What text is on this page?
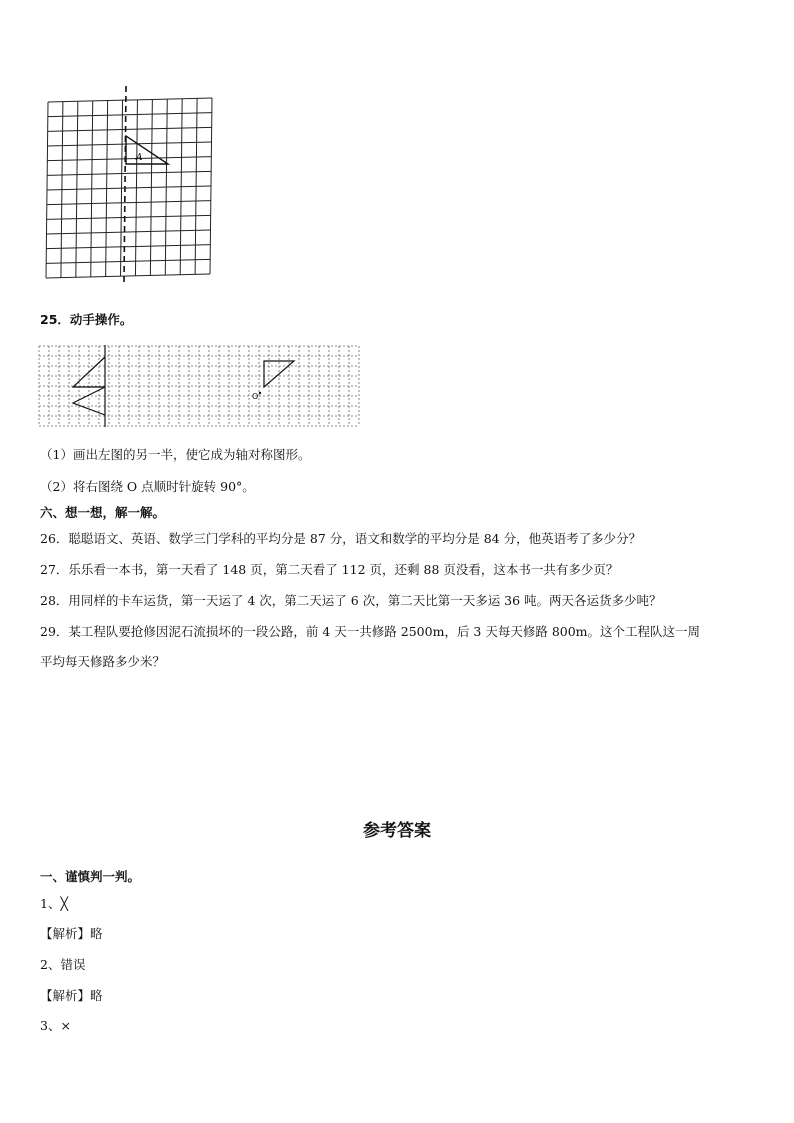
A
25．动手操作。
O
（1）画出左图的另一半，使它成为轴对称图形。
（2）将右图绕 O 点顺时针旋转 90°。
六、想一想，解一解。
26．聪聪语文、英语、数学三门学科的平均分是 87 分，语文和数学的平均分是 84 分，他英语考了多少分？
27．乐乐看一本书，第一天看了 148 页，第二天看了 112 页，还剩 88 页没看，这本书一共有多少页？
28．用同样的卡车运货，第一天运了 4 次，第二天运了 6 次，第二天比第一天多运 36 吨。两天各运货多少吨？
29．某工程队要抢修因泥石流损坏的一段公路，前 4 天一共修路 2500m，后 3 天每天修路 800m。这个工程队这一周
平均每天修路多少米？
参考答案
一、谨慎判一判。
1、╳
【解析】略
2、错误
【解析】略
3、×
